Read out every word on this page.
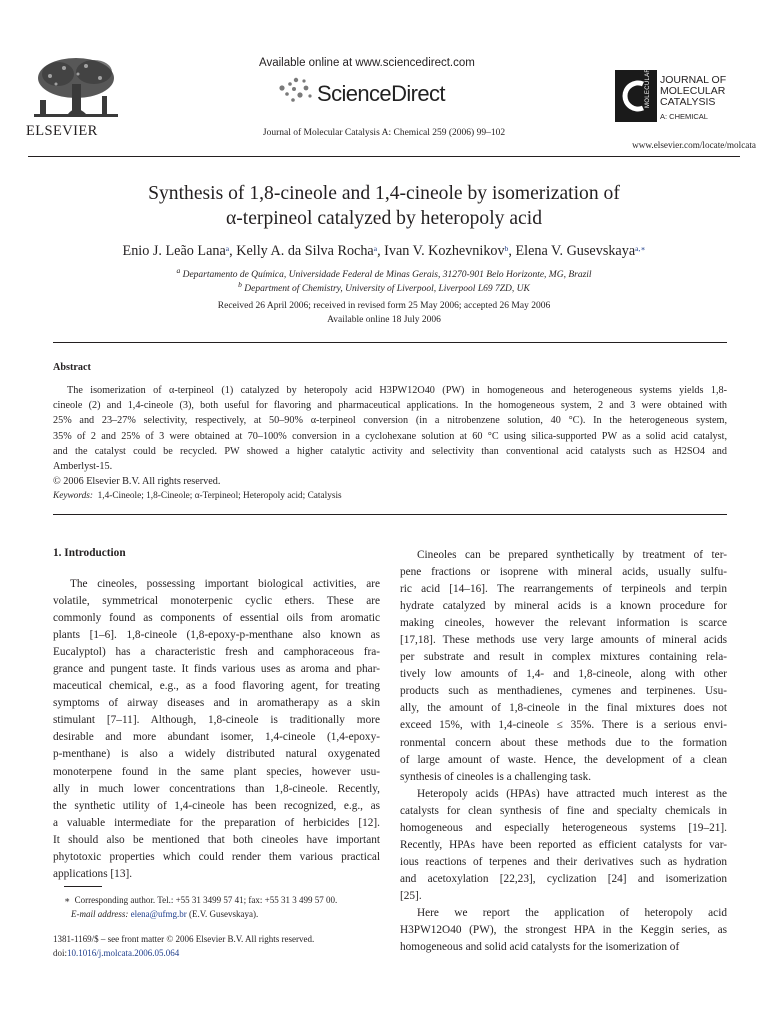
ELSEVIER
Available online at www.sciencedirect.com
ScienceDirect
Journal of Molecular Catalysis A: Chemical 259 (2006) 99–102
MOLECULAR JOURNAL OF
MOLECULAR
CATALYSIS
A: CHEMICAL
www.elsevier.com/locate/molcata
Synthesis of 1,8-cineole and 1,4-cineole by isomerization of
α-terpineol catalyzed by heteropoly acid
Enio J. Leão Lana$^a$, Kelly A. da Silva Rocha$^a$, Ivan V. Kozhevnikov$^b$, Elena V. Gusevskaya$^{a,∗}$
$^a$ Departamento de Química, Universidade Federal de Minas Gerais, 31270-901 Belo Horizonte, MG, Brazil
$^b$ Department of Chemistry, University of Liverpool, Liverpool L69 7ZD, UK
Received 26 April 2006; received in revised form 25 May 2006; accepted 26 May 2006
Available online 18 July 2006
Abstract
The isomerization of α-terpineol (1) catalyzed by heteropoly acid H3PW12O40 (PW) in homogeneous and heterogeneous systems yields 1,8-
cineole (2) and 1,4-cineole (3), both useful for flavoring and pharmaceutical applications. In the homogeneous system, 2 and 3 were obtained with
25% and 23–27% selectivity, respectively, at 50–90% α-terpineol conversion (in a nitrobenzene solution, 40 °C). In the heterogeneous system,
35% of 2 and 25% of 3 were obtained at 70–100% conversion in a cyclohexane solution at 60 °C using silica-supported PW as a solid acid catalyst,
and the catalyst could be recycled. PW showed a higher catalytic activity and selectivity than conventional acid catalysts such as H2SO4 and
Amberlyst-15.
© 2006 Elsevier B.V. All rights reserved.
Keywords: 1,4-Cineole; 1,8-Cineole; α-Terpineol; Heteropoly acid; Catalysis
1. Introduction
The cineoles, possessing important biological activities, are
volatile, symmetrical monoterpenic cyclic ethers. These are
commonly found as components of essential oils from aromatic
plants [1–6]. 1,8-cineole (1,8-epoxy-p-menthane also known as
Eucalyptol) has a characteristic fresh and camphoraceous fra-
grance and pungent taste. It finds various uses as aroma and phar-
maceutical chemical, e.g., as a food flavoring agent, for treating
symptoms of airway diseases and in aromatherapy as a skin
stimulant [7–11]. Although, 1,8-cineole is traditionally more
desirable and more abundant isomer, 1,4-cineole (1,4-epoxy-
p-menthane) is also a widely distributed natural oxygenated
monoterpene found in the same plant species, however usu-
ally in much lower concentrations than 1,8-cineole. Recently,
the synthetic utility of 1,4-cineole has been recognized, e.g., as
a valuable intermediate for the preparation of herbicides [12].
It should also be mentioned that both cineoles have important
phytotoxic properties which could render them various practical
applications [13].
∗ Corresponding author. Tel.: +55 31 3499 57 41; fax: +55 31 3 499 57 00.
E-mail address: elena@ufmg.br (E.V. Gusevskaya).
1381-1169/$ – see front matter © 2006 Elsevier B.V. All rights reserved.
doi:10.1016/j.molcata.2006.05.064
Cineoles can be prepared synthetically by treatment of ter-
pene fractions or isoprene with mineral acids, usually sulfu-
ric acid [14–16]. The rearrangements of terpineols and terpin
hydrate catalyzed by mineral acids is a known procedure for
making cineoles, however the relevant information is scarce
[17,18]. These methods use very large amounts of mineral acids
per substrate and result in complex mixtures containing rela-
tively low amounts of 1,4- and 1,8-cineole, along with other
products such as menthadienes, cymenes and terpinenes. Usu-
ally, the amount of 1,8-cineole in the final mixtures does not
exceed 15%, with 1,4-cineole ≤ 35%. There is a serious envi-
ronmental concern about these methods due to the formation
of large amount of waste. Hence, the development of a clean
synthesis of cineoles is a challenging task.
Heteropoly acids (HPAs) have attracted much interest as the
catalysts for clean synthesis of fine and specialty chemicals in
homogeneous and especially heterogeneous systems [19–21].
Recently, HPAs have been reported as efficient catalysts for var-
ious reactions of terpenes and their derivatives such as hydration
and acetoxylation [22,23], cyclization [24] and isomerization
[25].
Here we report the application of heteropoly acid
H3PW12O40 (PW), the strongest HPA in the Keggin series, as
homogeneous and solid acid catalysts for the isomerization of
